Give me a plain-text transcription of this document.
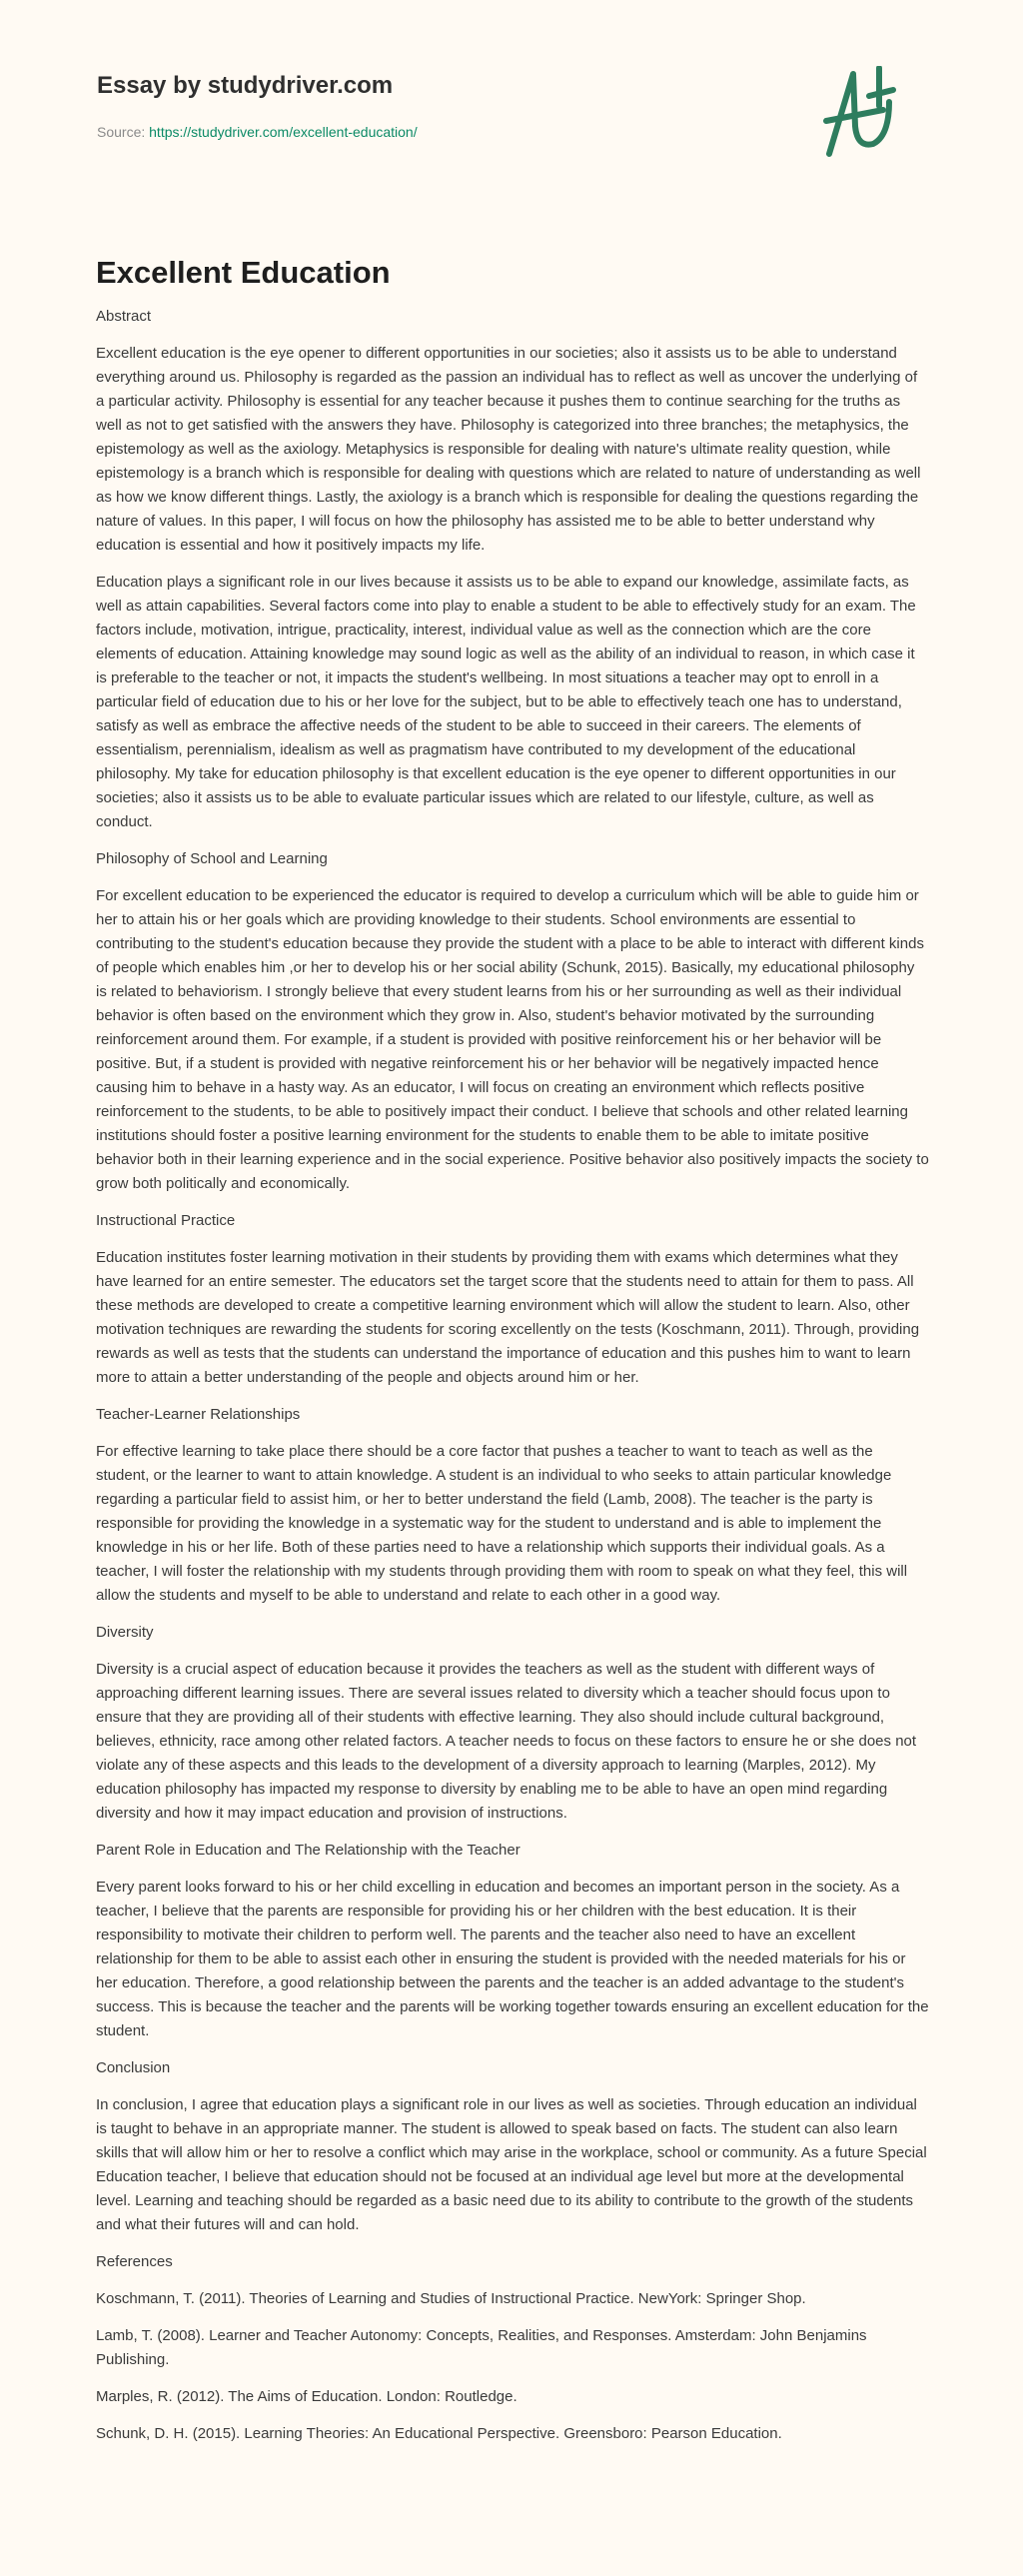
Essay by studydriver.com
Source: https://studydriver.com/excellent-education/
Excellent Education
Abstract

Excellent education is the eye opener to different opportunities in our societies; also it assists us to be able to understand everything around us. Philosophy is regarded as the passion an individual has to reflect as well as uncover the underlying of a particular activity. Philosophy is essential for any teacher because it pushes them to continue searching for the truths as well as not to get satisfied with the answers they have. Philosophy is categorized into three branches; the metaphysics, the epistemology as well as the axiology. Metaphysics is responsible for dealing with nature's ultimate reality question, while epistemology is a branch which is responsible for dealing with questions which are related to nature of understanding as well as how we know different things. Lastly, the axiology is a branch which is responsible for dealing the questions regarding the nature of values. In this paper, I will focus on how the philosophy has assisted me to be able to better understand why education is essential and how it positively impacts my life.

Education plays a significant role in our lives because it assists us to be able to expand our knowledge, assimilate facts, as well as attain capabilities. Several factors come into play to enable a student to be able to effectively study for an exam. The factors include, motivation, intrigue, practicality, interest, individual value as well as the connection which are the core elements of education. Attaining knowledge may sound logic as well as the ability of an individual to reason, in which case it is preferable to the teacher or not, it impacts the student's wellbeing. In most situations a teacher may opt to enroll in a particular field of education due to his or her love for the subject, but to be able to effectively teach one has to understand, satisfy as well as embrace the affective needs of the student to be able to succeed in their careers. The elements of essentialism, perennialism, idealism as well as pragmatism have contributed to my development of the educational philosophy. My take for education philosophy is that excellent education is the eye opener to different opportunities in our societies; also it assists us to be able to evaluate particular issues which are related to our lifestyle, culture, as well as conduct.

Philosophy of School and Learning

For excellent education to be experienced the educator is required to develop a curriculum which will be able to guide him or her to attain his or her goals which are providing knowledge to their students. School environments are essential to contributing to the student's education because they provide the student with a place to be able to interact with different kinds of people which enables him ,or her to develop his or her social ability (Schunk, 2015). Basically, my educational philosophy is related to behaviorism. I strongly believe that every student learns from his or her surrounding as well as their individual behavior is often based on the environment which they grow in. Also, student's behavior motivated by the surrounding reinforcement around them. For example, if a student is provided with positive reinforcement his or her behavior will be positive. But, if a student is provided with negative reinforcement his or her behavior will be negatively impacted hence causing him to behave in a hasty way. As an educator, I will focus on creating an environment which reflects positive reinforcement to the students, to be able to positively impact their conduct. I believe that schools and other related learning institutions should foster a positive learning environment for the students to enable them to be able to imitate positive behavior both in their learning experience and in the social experience. Positive behavior also positively impacts the society to grow both politically and economically.

Instructional Practice

Education institutes foster learning motivation in their students by providing them with exams which determines what they have learned for an entire semester. The educators set the target score that the students need to attain for them to pass. All these methods are developed to create a competitive learning environment which will allow the student to learn. Also, other motivation techniques are rewarding the students for scoring excellently on the tests (Koschmann, 2011). Through, providing rewards as well as tests that the students can understand the importance of education and this pushes him to want to learn more to attain a better understanding of the people and objects around him or her.

Teacher-Learner Relationships

For effective learning to take place there should be a core factor that pushes a teacher to want to teach as well as the student, or the learner to want to attain knowledge. A student is an individual to who seeks to attain particular knowledge regarding a particular field to assist him, or her to better understand the field (Lamb, 2008). The teacher is the party is responsible for providing the knowledge in a systematic way for the student to understand and is able to implement the knowledge in his or her life. Both of these parties need to have a relationship which supports their individual goals. As a teacher, I will foster the relationship with my students through providing them with room to speak on what they feel, this will allow the students and myself to be able to understand and relate to each other in a good way.

Diversity

Diversity is a crucial aspect of education because it provides the teachers as well as the student with different ways of approaching different learning issues. There are several issues related to diversity which a teacher should focus upon to ensure that they are providing all of their students with effective learning. They also should include cultural background, believes, ethnicity, race among other related factors. A teacher needs to focus on these factors to ensure he or she does not violate any of these aspects and this leads to the development of a diversity approach to learning (Marples, 2012). My education philosophy has impacted my response to diversity by enabling me to be able to have an open mind regarding diversity and how it may impact education and provision of instructions.

Parent Role in Education and The Relationship with the Teacher

Every parent looks forward to his or her child excelling in education and becomes an important person in the society. As a teacher, I believe that the parents are responsible for providing his or her children with the best education. It is their responsibility to motivate their children to perform well. The parents and the teacher also need to have an excellent relationship for them to be able to assist each other in ensuring the student is provided with the needed materials for his or her education. Therefore, a good relationship between the parents and the teacher is an added advantage to the student's success. This is because the teacher and the parents will be working together towards ensuring an excellent education for the student.

Conclusion

In conclusion, I agree that education plays a significant role in our lives as well as societies. Through education an individual is taught to behave in an appropriate manner. The student is allowed to speak based on facts. The student can also learn skills that will allow him or her to resolve a conflict which may arise in the workplace, school or community. As a future Special Education teacher, I believe that education should not be focused at an individual age level but more at the developmental level. Learning and teaching should be regarded as a basic need due to its ability to contribute to the growth of the students and what their futures will and can hold.

References

Koschmann, T. (2011). Theories of Learning and Studies of Instructional Practice. NewYork: Springer Shop.

Lamb, T. (2008). Learner and Teacher Autonomy: Concepts, Realities, and Responses. Amsterdam: John Benjamins Publishing.

Marples, R. (2012). The Aims of Education. London: Routledge.

Schunk, D. H. (2015). Learning Theories: An Educational Perspective. Greensboro: Pearson Education.
